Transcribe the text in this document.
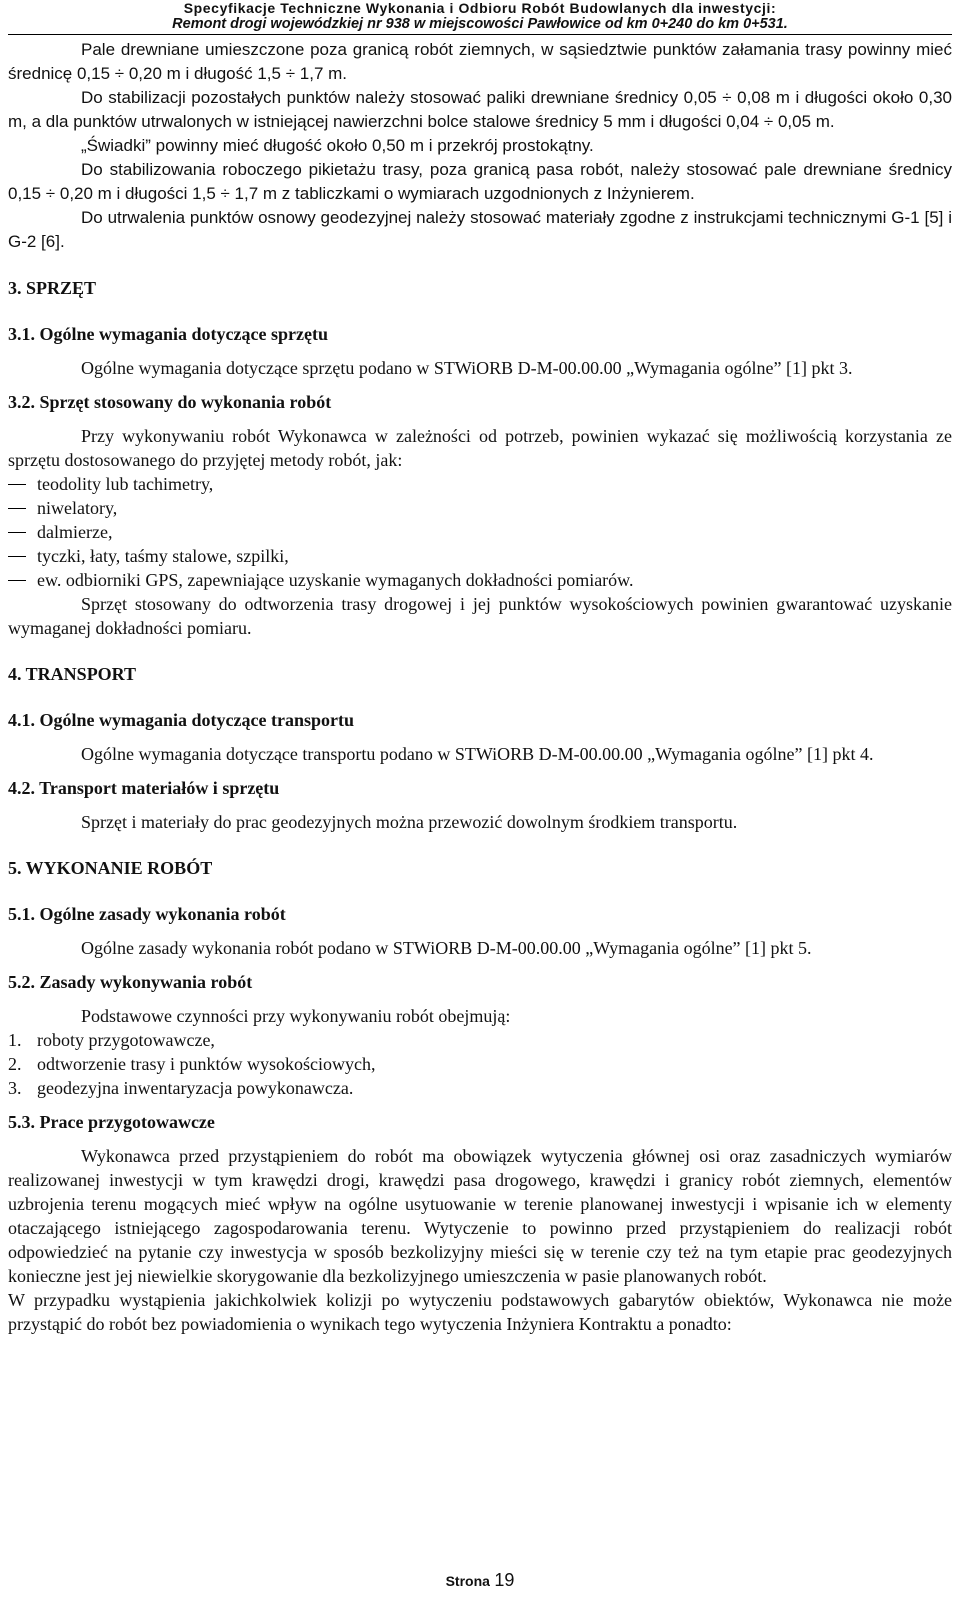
Specyfikacje Techniczne Wykonania i Odbioru Robót Budowlanych dla inwestycji:
Remont drogi wojewódzkiej nr 938 w miejscowości Pawłowice od km 0+240 do km 0+531.

Pale drewniane umieszczone poza granicą robót ziemnych, w sąsiedztwie punktów załamania trasy powinny mieć średnicę 0,15 ÷ 0,20 m i długość 1,5 ÷ 1,7 m.

Do stabilizacji pozostałych punktów należy stosować paliki drewniane średnicy 0,05 ÷ 0,08 m i długości około 0,30 m, a dla punktów utrwalonych w istniejącej nawierzchni bolce stalowe średnicy 5 mm i długości 0,04 ÷ 0,05 m.

„Świadki” powinny mieć długość około 0,50 m i przekrój prostokątny.

Do stabilizowania roboczego pikietażu trasy, poza granicą pasa robót, należy stosować pale drewniane średnicy 0,15 ÷ 0,20 m i długości 1,5 ÷ 1,7 m z tabliczkami o wymiarach uzgodnionych z Inżynierem.

Do utrwalenia punktów osnowy geodezyjnej należy stosować materiały zgodne z instrukcjami technicznymi G-1 [5] i G-2 [6].

3. SPRZĘT

3.1. Ogólne wymagania dotyczące sprzętu

Ogólne wymagania dotyczące sprzętu podano w STWiORB D-M-00.00.00 „Wymagania ogólne” [1] pkt 3.

3.2. Sprzęt stosowany do wykonania robót

Przy wykonywaniu robót Wykonawca w zależności od potrzeb, powinien wykazać się możliwością korzystania ze sprzętu dostosowanego do przyjętej metody robót, jak:

teodolity lub tachimetry,

niwelatory,

dalmierze,

tyczki, łaty, taśmy stalowe, szpilki,

ew. odbiorniki GPS, zapewniające uzyskanie wymaganych dokładności pomiarów.

Sprzęt stosowany do odtworzenia trasy drogowej i jej punktów wysokościowych powinien gwarantować uzyskanie wymaganej dokładności pomiaru.

4. TRANSPORT

4.1. Ogólne wymagania dotyczące transportu

Ogólne wymagania dotyczące transportu podano w STWiORB D-M-00.00.00 „Wymagania ogólne” [1] pkt 4.

4.2. Transport materiałów i sprzętu

Sprzęt i materiały do prac geodezyjnych można przewozić dowolnym środkiem transportu.

5. WYKONANIE ROBÓT

5.1. Ogólne zasady wykonania robót

Ogólne zasady wykonania robót podano w STWiORB D-M-00.00.00 „Wymagania ogólne” [1] pkt 5.

5.2. Zasady wykonywania robót

Podstawowe czynności przy wykonywaniu robót obejmują:

1. roboty przygotowawcze,

2. odtworzenie trasy i punktów wysokościowych,

3. geodezyjna inwentaryzacja powykonawcza.

5.3. Prace przygotowawcze

Wykonawca przed przystąpieniem do robót ma obowiązek wytyczenia głównej osi oraz zasadniczych wymiarów realizowanej inwestycji w tym krawędzi drogi, krawędzi pasa drogowego, krawędzi i granicy robót ziemnych, elementów uzbrojenia terenu mogących mieć wpływ na ogólne usytuowanie w terenie planowanej inwestycji i wpisanie ich w elementy otaczającego istniejącego zagospodarowania terenu. Wytyczenie to powinno przed przystąpieniem do realizacji robót odpowiedzieć na pytanie czy inwestycja w sposób bezkolizyjny mieści się w terenie czy też na tym etapie prac geodezyjnych konieczne jest jej niewielkie skorygowanie dla bezkolizyjnego umieszczenia w pasie planowanych robót.

W przypadku wystąpienia jakichkolwiek kolizji po wytyczeniu podstawowych gabarytów obiektów, Wykonawca nie może przystąpić do robót bez powiadomienia o wynikach tego wytyczenia Inżyniera Kontraktu a ponadto:

Strona 19
